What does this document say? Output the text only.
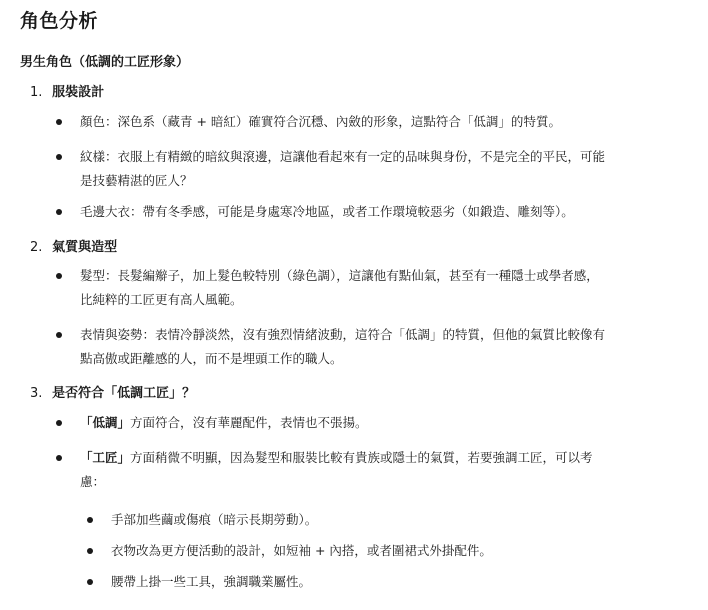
角色分析
男生角色（低調的工匠形象）
1. 服裝設計
顏色：深色系（藏青 + 暗紅）確實符合沉穩、內斂的形象，這點符合「低調」的特質。
紋樣：衣服上有精緻的暗紋與滾邊，這讓他看起來有一定的品味與身份，不是完全的平民，可能
是技藝精湛的匠人？
毛邊大衣：帶有冬季感，可能是身處寒冷地區，或者工作環境較惡劣（如鍛造、雕刻等）。
2. 氣質與造型
髮型：長髮編辮子，加上髮色較特別（綠色調），這讓他有點仙氣，甚至有一種隱士或學者感，
比純粹的工匠更有高人風範。
表情與姿勢：表情冷靜淡然，沒有強烈情緒波動，這符合「低調」的特質，但他的氣質比較像有
點高傲或距離感的人，而不是埋頭工作的職人。
3. 是否符合「低調工匠」？
「低調」方面符合，沒有華麗配件，表情也不張揚。
「工匠」方面稍微不明顯，因為髮型和服裝比較有貴族或隱士的氣質，若要強調工匠，可以考
慮：
手部加些繭或傷痕（暗示長期勞動）。
衣物改為更方便活動的設計，如短袖 + 內搭，或者圍裙式外掛配件。
腰帶上掛一些工具，強調職業屬性。
